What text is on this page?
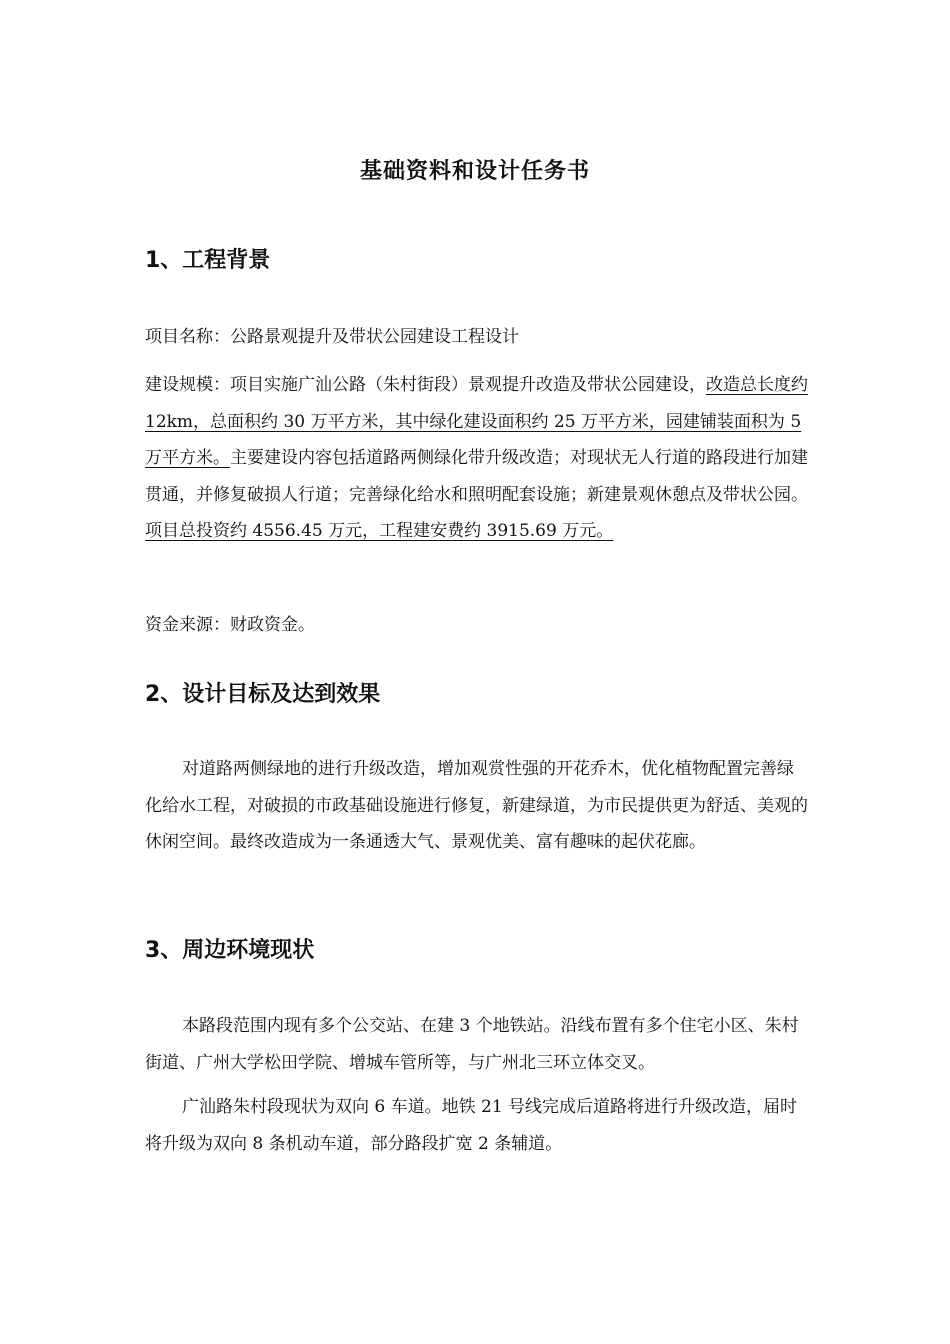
基础资料和设计任务书
1、工程背景

项目名称：公路景观提升及带状公园建设工程设计

建设规模：项目实施广汕公路（朱村街段）景观提升改造及带状公园建设，改造总长度约 12km，总面积约 30 万平方米，其中绿化建设面积约 25 万平方米，园建铺装面积为 5 万平方米。主要建设内容包括道路两侧绿化带升级改造；对现状无人行道的路段进行加建贯通，并修复破损人行道；完善绿化给水和照明配套设施；新建景观休憩点及带状公园。项目总投资约 4556.45 万元，工程建安费约 3915.69 万元。

资金来源：财政资金。

2、设计目标及达到效果

对道路两侧绿地的进行升级改造，增加观赏性强的开花乔木，优化植物配置完善绿化给水工程，对破损的市政基础设施进行修复，新建绿道，为市民提供更为舒适、美观的休闲空间。最终改造成为一条通透大气、景观优美、富有趣味的起伏花廊。

3、周边环境现状

本路段范围内现有多个公交站、在建 3 个地铁站。沿线布置有多个住宅小区、朱村街道、广州大学松田学院、增城车管所等，与广州北三环立体交叉。

广汕路朱村段现状为双向 6 车道。地铁 21 号线完成后道路将进行升级改造，届时将升级为双向 8 条机动车道，部分路段扩宽 2 条辅道。
